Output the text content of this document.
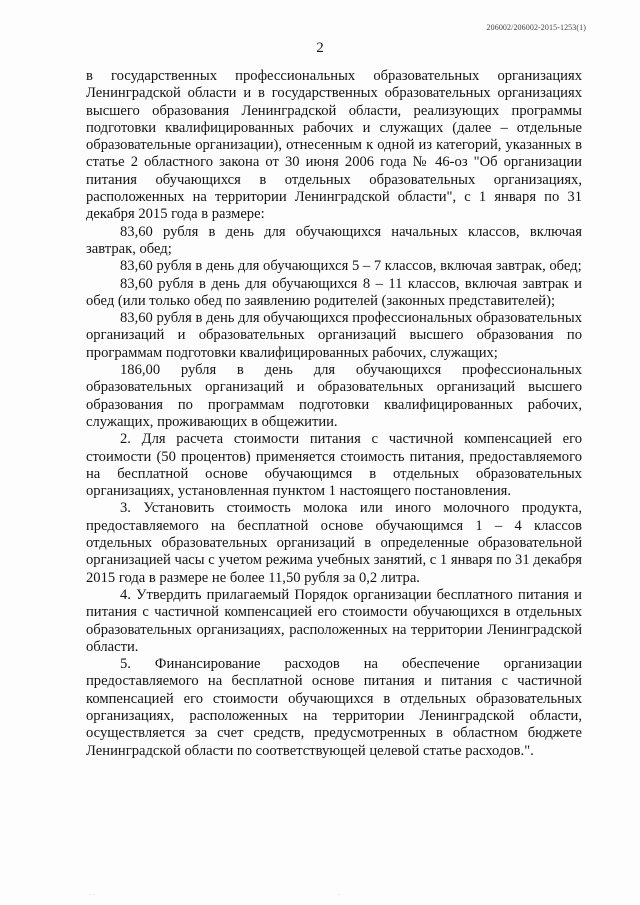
206002/206002-2015-1253(1)
2

в государственных профессиональных образовательных организациях Ленинградской области и в государственных образовательных организациях высшего образования Ленинградской области, реализующих программы подготовки квалифицированных рабочих и служащих (далее – отдельные образовательные организации), отнесенным к одной из категорий, указанных в статье 2 областного закона от 30 июня 2006 года № 46-оз "Об организации питания обучающихся в отдельных образовательных организациях, расположенных на территории Ленинградской области", с 1 января по 31 декабря 2015 года в размере:

83,60 рубля в день для обучающихся начальных классов, включая завтрак, обед;

83,60 рубля в день для обучающихся 5 – 7 классов, включая завтрак, обед;

83,60 рубля в день для обучающихся 8 – 11 классов, включая завтрак и обед (или только обед по заявлению родителей (законных представителей);

83,60 рубля в день для обучающихся профессиональных образовательных организаций и образовательных организаций высшего образования по программам подготовки квалифицированных рабочих, служащих;

186,00 рубля в день для обучающихся профессиональных образовательных организаций и образовательных организаций высшего образования по программам подготовки квалифицированных рабочих, служащих, проживающих в общежитии.

2. Для расчета стоимости питания с частичной компенсацией его стоимости (50 процентов) применяется стоимость питания, предоставляемого на бесплатной основе обучающимся в отдельных образовательных организациях, установленная пунктом 1 настоящего постановления.

3. Установить стоимость молока или иного молочного продукта, предоставляемого на бесплатной основе обучающимся 1 – 4 классов отдельных образовательных организаций в определенные образовательной организацией часы с учетом режима учебных занятий, с 1 января по 31 декабря 2015 года в размере не более 11,50 рубля за 0,2 литра.

4. Утвердить прилагаемый Порядок организации бесплатного питания и питания с частичной компенсацией его стоимости обучающихся в отдельных образовательных организациях, расположенных на территории Ленинградской области.

5. Финансирование расходов на обеспечение организации предоставляемого на бесплатной основе питания и питания с частичной компенсацией его стоимости обучающихся в отдельных образовательных организациях, расположенных на территории Ленинградской области, осуществляется за счет средств, предусмотренных в областном бюджете Ленинградской области по соответствующей целевой статье расходов.".

⋅ ⋅	⋅
